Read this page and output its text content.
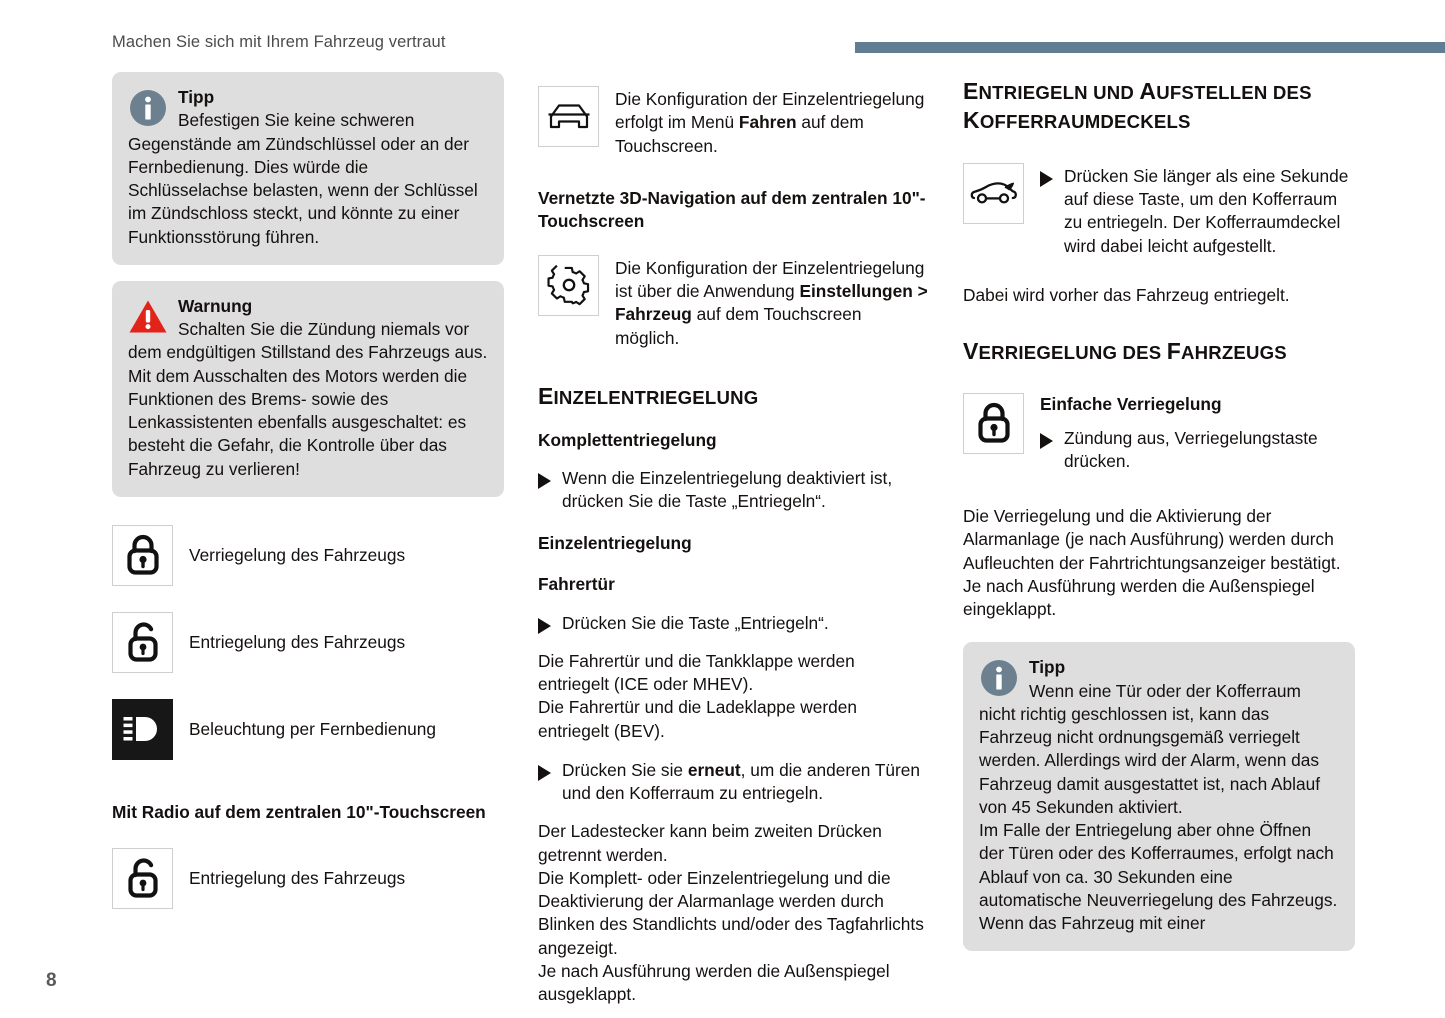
Machen Sie sich mit Ihrem Fahrzeug vertraut
8
Tipp
Befestigen Sie keine schweren Gegenstände am Zündschlüssel oder an der Fernbedienung. Dies würde die Schlüsselachse belasten, wenn der Schlüssel im Zündschloss steckt, und könnte zu einer Funktionsstörung führen.
Warnung
Schalten Sie die Zündung niemals vor dem endgültigen Stillstand des Fahrzeugs aus.
Mit dem Ausschalten des Motors werden die Funktionen des Brems- sowie des Lenkassistenten ebenfalls ausgeschaltet: es besteht die Gefahr, die Kontrolle über das Fahrzeug zu verlieren!
Verriegelung des Fahrzeugs
Entriegelung des Fahrzeugs
Beleuchtung per Fernbedienung
Mit Radio auf dem zentralen 10"-Touchscreen
Entriegelung des Fahrzeugs
Die Konfiguration der Einzelentriegelung erfolgt im Menü Fahren auf dem Touchscreen.
Vernetzte 3D-Navigation auf dem zentralen 10"-Touchscreen
Die Konfiguration der Einzelentriegelung ist über die Anwendung Einstellungen > Fahrzeug auf dem Touchscreen möglich.
EINZELENTRIEGELUNG
Komplettentriegelung
Wenn die Einzelentriegelung deaktiviert ist, drücken Sie die Taste „Entriegeln“.
Einzelentriegelung
Fahrertür
Drücken Sie die Taste „Entriegeln“.

Die Fahrertür und die Tankklappe werden entriegelt (ICE oder MHEV).

Die Fahrertür und die Ladeklappe werden entriegelt (BEV).

Drücken Sie sie erneut, um die anderen Türen und den Kofferraum zu entriegeln.

Der Ladestecker kann beim zweiten Drücken getrennt werden.

Die Komplett- oder Einzelentriegelung und die Deaktivierung der Alarmanlage werden durch Blinken des Standlichts und/oder des Tagfahrlichts angezeigt.

Je nach Ausführung werden die Außenspiegel ausgeklappt.

ENTRIEGELN UND AUFSTELLEN DES KOFFERRAUMDECKELS
Drücken Sie länger als eine Sekunde auf diese Taste, um den Kofferraum zu entriegeln. Der Kofferraumdeckel wird dabei leicht aufgestellt.

Dabei wird vorher das Fahrzeug entriegelt.

VERRIEGELUNG DES FAHRZEUGS
Einfache Verriegelung
Zündung aus, Verriegelungstaste drücken.

Die Verriegelung und die Aktivierung der Alarmanlage (je nach Ausführung) werden durch Aufleuchten der Fahrtrichtungsanzeiger bestätigt.

Je nach Ausführung werden die Außenspiegel eingeklappt.

Tipp
Wenn eine Tür oder der Kofferraum nicht richtig geschlossen ist, kann das Fahrzeug nicht ordnungsgemäß verriegelt werden. Allerdings wird der Alarm, wenn das Fahrzeug damit ausgestattet ist, nach Ablauf von 45 Sekunden aktiviert.
Im Falle der Entriegelung aber ohne Öffnen der Türen oder des Kofferraumes, erfolgt nach Ablauf von ca. 30 Sekunden eine automatische Neuverriegelung des Fahrzeugs. Wenn das Fahrzeug mit einer
